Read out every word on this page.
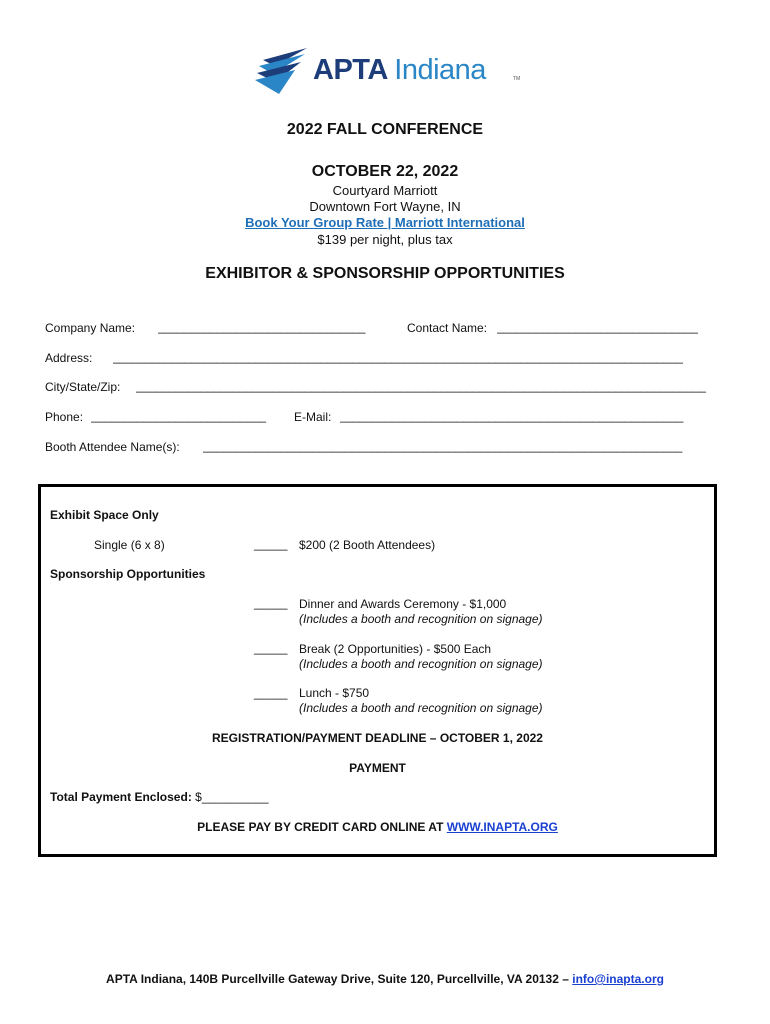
APTA Indiana	TM
2022 FALL CONFERENCE
OCTOBER 22, 2022
Courtyard Marriott
Downtown Fort Wayne, IN
Book Your Group Rate | Marriott International
$139 per night, plus tax
EXHIBITOR & SPONSORSHIP OPPORTUNITIES
Company Name: ________________________________	Contact Name: _______________________________
Address: ________________________________________________________________________________________
City/State/Zip: ________________________________________________________________________________________
Phone: ___________________________	E-Mail: _____________________________________________________
Booth Attendee Name(s): __________________________________________________________________________
Exhibit Space Only
Single (6 x 8)	_____ $200 (2 Booth Attendees)
Sponsorship Opportunities
_____ Dinner and Awards Ceremony - $1,000
(Includes a booth and recognition on signage)
_____ Break (2 Opportunities) - $500 Each
(Includes a booth and recognition on signage)
_____ Lunch - $750
(Includes a booth and recognition on signage)
REGISTRATION/PAYMENT DEADLINE – OCTOBER 1, 2022
PAYMENT
Total Payment Enclosed: $__________
PLEASE PAY BY CREDIT CARD ONLINE AT WWW.INAPTA.ORG
APTA Indiana, 140B Purcellville Gateway Drive, Suite 120, Purcellville, VA 20132 – info@inapta.org
